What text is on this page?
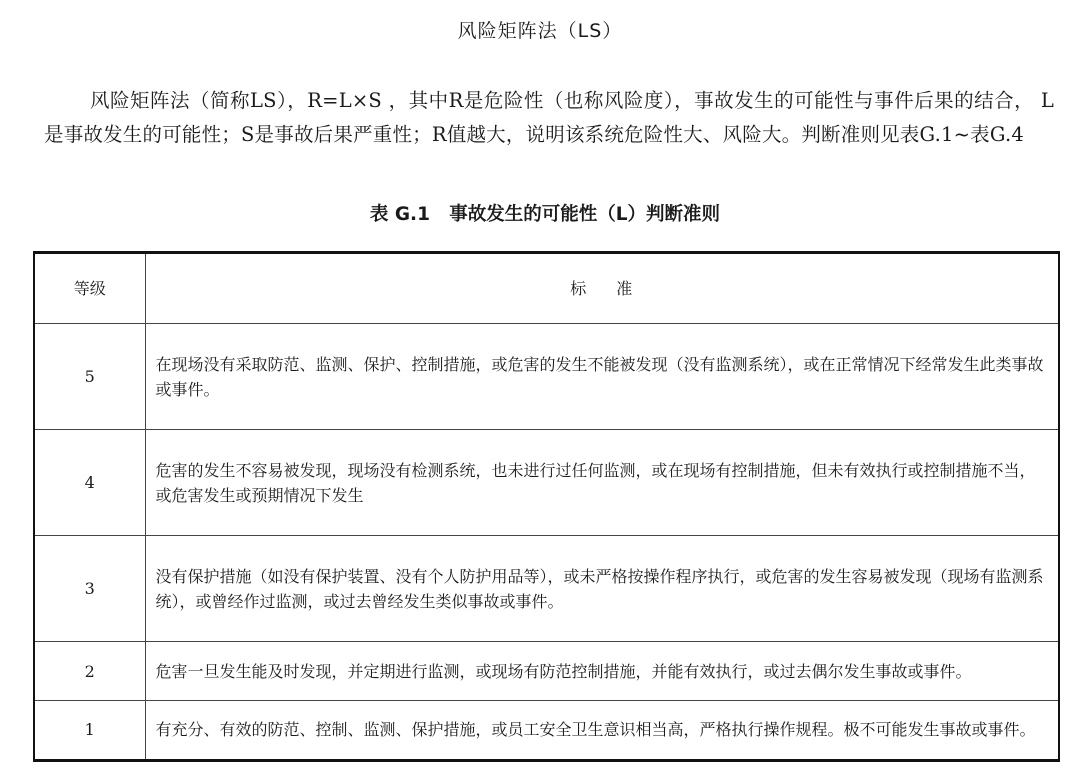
风险矩阵法（LS）

风险矩阵法（简称LS），R=L×S ，其中R是危险性（也称风险度），事故发生的可能性与事件后果的结合， L是事故发生的可能性；S是事故后果严重性；R值越大，说明该系统危险性大、风险大。判断准则见表G.1~表G.4

表 G.1   事故发生的可能性（L）判断准则
等级	标准
5	在现场没有采取防范、监测、保护、控制措施，或危害的发生不能被发现（没有监测系统），或在正常情况下经常发生此类事故或事件。
4	危害的发生不容易被发现，现场没有检测系统，也未进行过任何监测，或在现场有控制措施，但未有效执行或控制措施不当，或危害发生或预期情况下发生
3	没有保护措施（如没有保护装置、没有个人防护用品等），或未严格按操作程序执行，或危害的发生容易被发现（现场有监测系统），或曾经作过监测，或过去曾经发生类似事故或事件。
2	危害一旦发生能及时发现，并定期进行监测，或现场有防范控制措施，并能有效执行，或过去偶尔发生事故或事件。
1	有充分、有效的防范、控制、监测、保护措施，或员工安全卫生意识相当高，严格执行操作规程。极不可能发生事故或事件。
